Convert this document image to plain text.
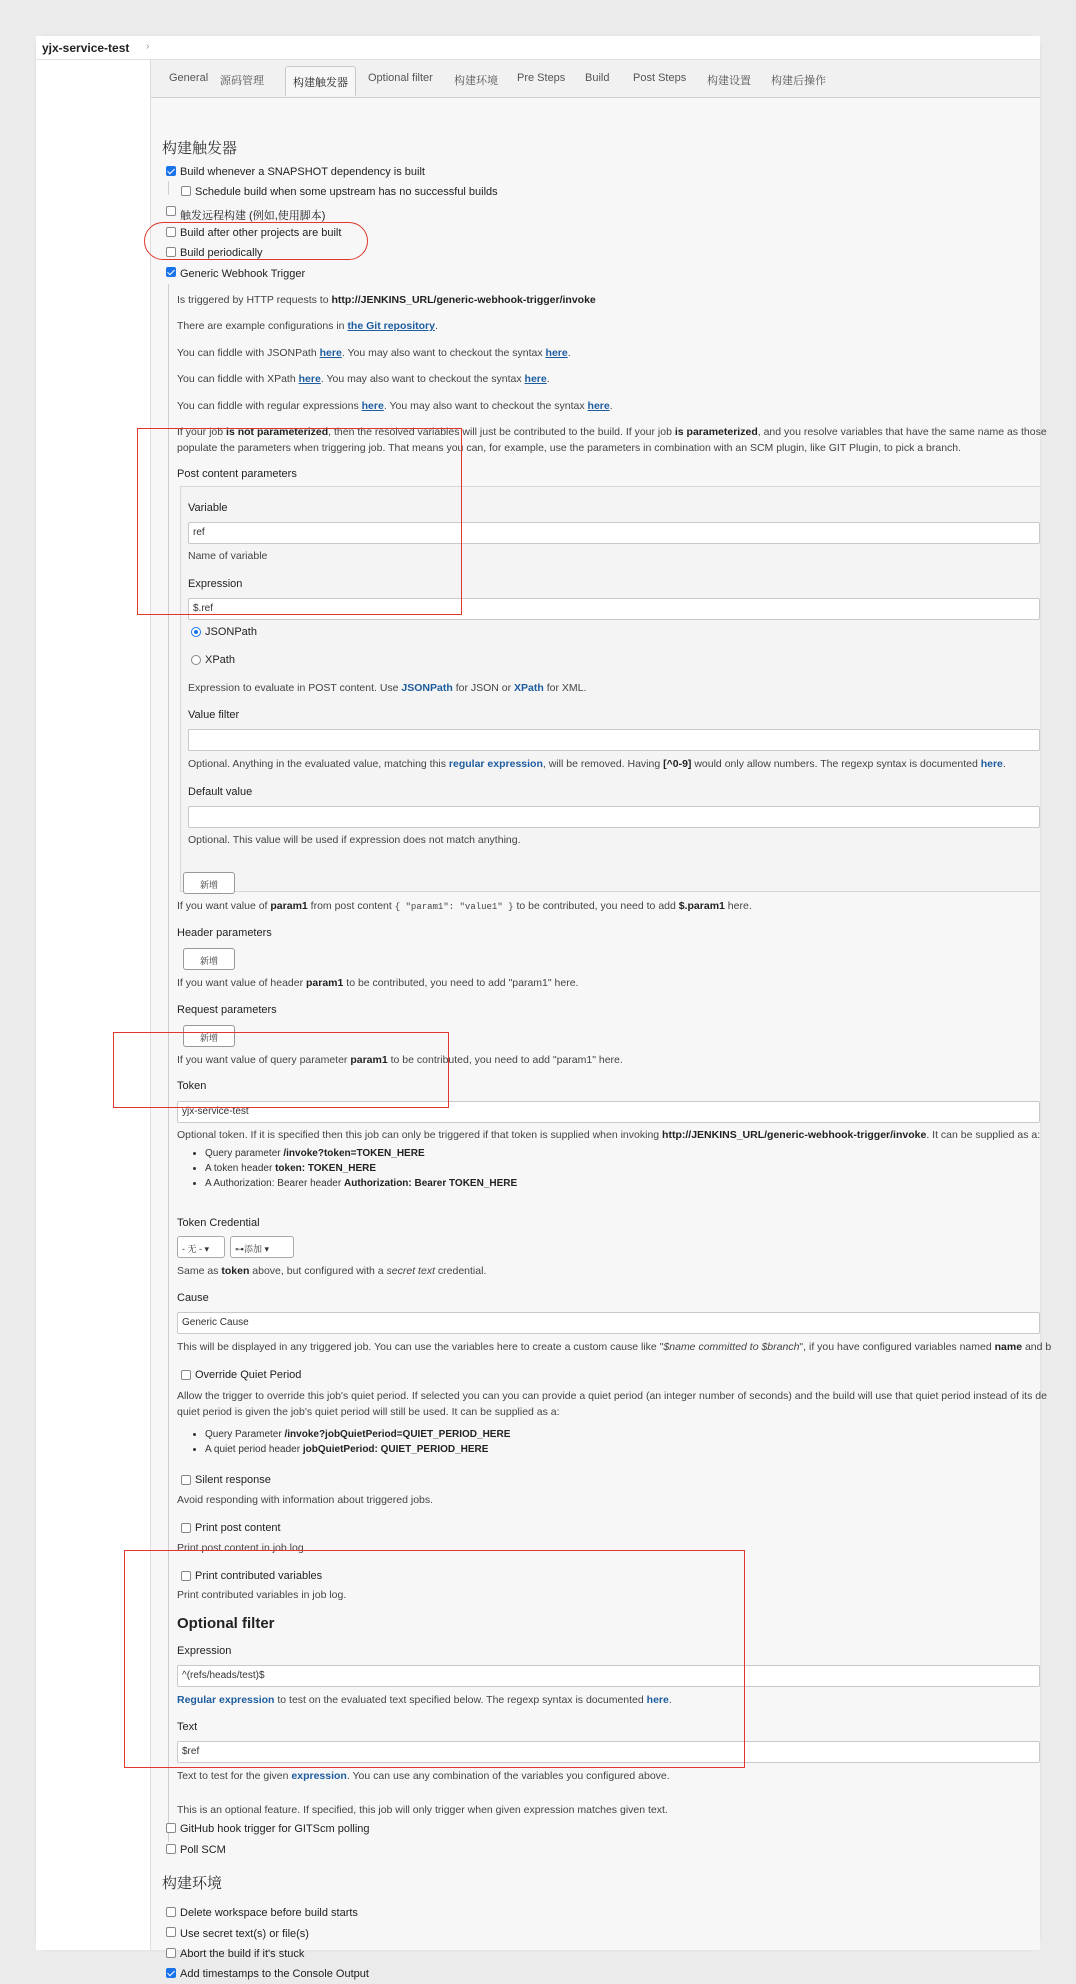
yjx-service-test ›
General 源码管理	构建触发器	Optional filter 构建环境 Pre Steps Build Post Steps 构建设置 构建后操作
构建触发器
Build whenever a SNAPSHOT dependency is built
Schedule build when some upstream has no successful builds
触发远程构建 (例如,使用脚本)
Build after other projects are built
Build periodically
Generic Webhook Trigger
Is triggered by HTTP requests to http://JENKINS_URL/generic-webhook-trigger/invoke
There are example configurations in the Git repository.
You can fiddle with JSONPath here. You may also want to checkout the syntax here.
You can fiddle with XPath here. You may also want to checkout the syntax here.
You can fiddle with regular expressions here. You may also want to checkout the syntax here.
If your job is not parameterized, then the resolved variables will just be contributed to the build. If your job is parameterized, and you resolve variables that have the same name as those
populate the parameters when triggering job. That means you can, for example, use the parameters in combination with an SCM plugin, like GIT Plugin, to pick a branch.
Post content parameters
Variable
ref
Name of variable
Expression
$.ref
JSONPath
XPath
Expression to evaluate in POST content. Use JSONPath for JSON or XPath for XML.
Value filter
Optional. Anything in the evaluated value, matching this regular expression, will be removed. Having [^0-9] would only allow numbers. The regexp syntax is documented here.
Default value
Optional. This value will be used if expression does not match anything.
新增
If you want value of param1 from post content { "param1": "value1" } to be contributed, you need to add $.param1 here.
Header parameters
新增
If you want value of header param1 to be contributed, you need to add "param1" here.
Request parameters
新增
If you want value of query parameter param1 to be contributed, you need to add "param1" here.
Token
yjx-service-test
Optional token. If it is specified then this job can only be triggered if that token is supplied when invoking http://JENKINS_URL/generic-webhook-trigger/invoke. It can be supplied as a:
• Query parameter /invoke?token=TOKEN_HERE
• A token header token: TOKEN_HERE
• A Authorization: Bearer header Authorization: Bearer TOKEN_HERE
Token Credential
- 无 - ▾	⊶添加 ▾
Same as token above, but configured with a secret text credential.
Cause
Generic Cause
This will be displayed in any triggered job. You can use the variables here to create a custom cause like "$name committed to $branch", if you have configured variables named name and b
Override Quiet Period
Allow the trigger to override this job's quiet period. If selected you can you can provide a quiet period (an integer number of seconds) and the build will use that quiet period instead of its de
quiet period is given the job's quiet period will still be used. It can be supplied as a:
• Query Parameter /invoke?jobQuietPeriod=QUIET_PERIOD_HERE
• A quiet period header jobQuietPeriod: QUIET_PERIOD_HERE
Silent response
Avoid responding with information about triggered jobs.
Print post content
Print post content in job log.
Print contributed variables
Print contributed variables in job log.
Optional filter
Expression
^(refs/heads/test)$
Regular expression to test on the evaluated text specified below. The regexp syntax is documented here.
Text
$ref
Text to test for the given expression. You can use any combination of the variables you configured above.
This is an optional feature. If specified, this job will only trigger when given expression matches given text.
GitHub hook trigger for GITScm polling
Poll SCM
构建环境
Delete workspace before build starts
Use secret text(s) or file(s)
Abort the build if it's stuck
Add timestamps to the Console Output
